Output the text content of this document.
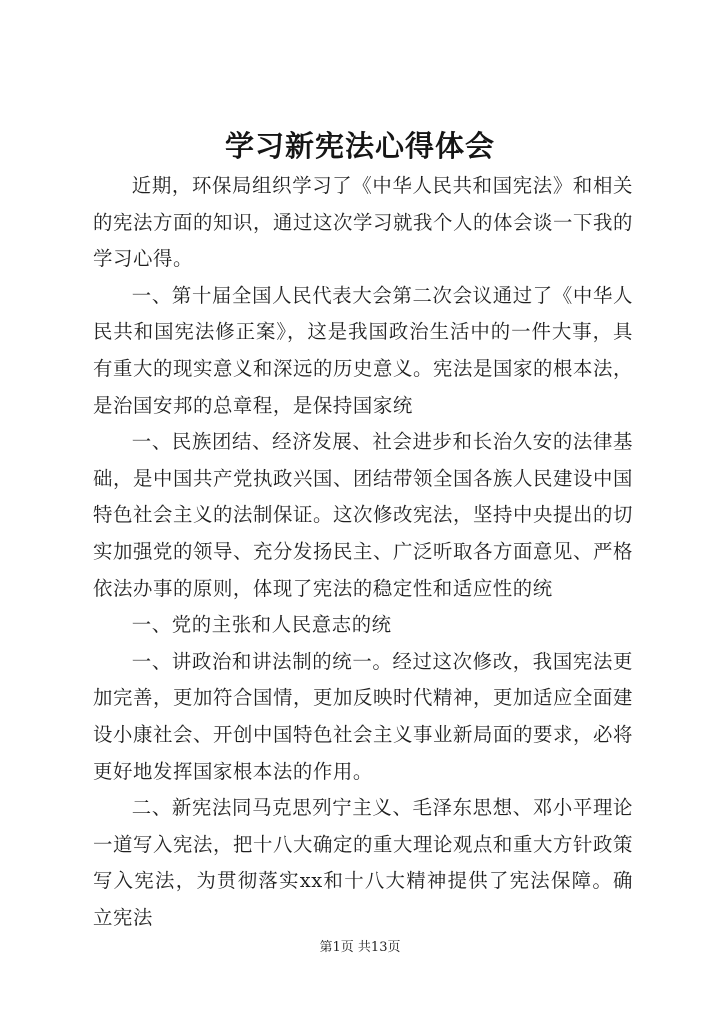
学习新宪法心得体会

近期，环保局组织学习了《中华人民共和国宪法》和相关的宪法方面的知识，通过这次学习就我个人的体会谈一下我的学习心得。

一、第十届全国人民代表大会第二次会议通过了《中华人民共和国宪法修正案》，这是我国政治生活中的一件大事，具有重大的现实意义和深远的历史意义。宪法是国家的根本法，是治国安邦的总章程，是保持国家统

一、民族团结、经济发展、社会进步和长治久安的法律基础，是中国共产党执政兴国、团结带领全国各族人民建设中国特色社会主义的法制保证。这次修改宪法，坚持中央提出的切实加强党的领导、充分发扬民主、广泛听取各方面意见、严格依法办事的原则，体现了宪法的稳定性和适应性的统

一、党的主张和人民意志的统

一、讲政治和讲法制的统一。经过这次修改，我国宪法更加完善，更加符合国情，更加反映时代精神，更加适应全面建设小康社会、开创中国特色社会主义事业新局面的要求，必将更好地发挥国家根本法的作用。

二、新宪法同马克思列宁主义、毛泽东思想、邓小平理论一道写入宪法，把十八大确定的重大理论观点和重大方针政策写入宪法，为贯彻落实xx和十八大精神提供了宪法保障。确立宪法

第1页 共13页
